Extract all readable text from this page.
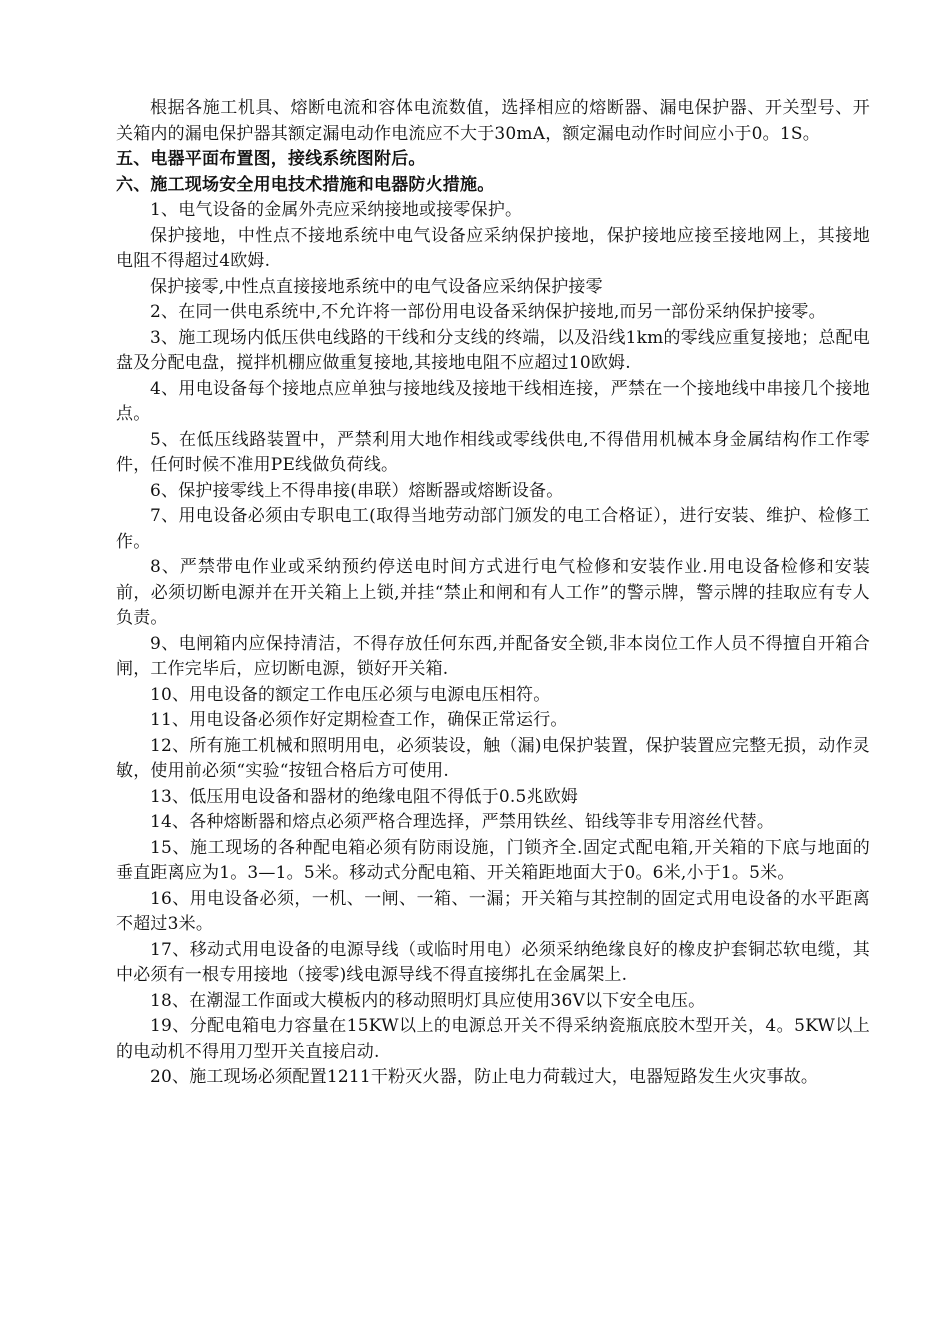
根据各施工机具、熔断电流和容体电流数值，选择相应的熔断器、漏电保护器、开关型号、开关箱内的漏电保护器其额定漏电动作电流应不大于30mA，额定漏电动作时间应小于0。1S。

五、电器平面布置图，接线系统图附后。

六、施工现场安全用电技术措施和电器防火措施。

1、电气设备的金属外壳应采纳接地或接零保护。

保护接地，中性点不接地系统中电气设备应采纳保护接地，保护接地应接至接地网上，其接地电阻不得超过4欧姆.

保护接零,中性点直接接地系统中的电气设备应采纳保护接零

2、在同一供电系统中,不允许将一部份用电设备采纳保护接地,而另一部份采纳保护接零。

3、施工现场内低压供电线路的干线和分支线的终端，以及沿线1km的零线应重复接地；总配电盘及分配电盘，搅拌机棚应做重复接地,其接地电阻不应超过10欧姆.

4、用电设备每个接地点应单独与接地线及接地干线相连接，严禁在一个接地线中串接几个接地点。

5、在低压线路装置中，严禁利用大地作相线或零线供电,不得借用机械本身金属结构作工作零件，任何时候不准用PE线做负荷线。

6、保护接零线上不得串接(串联）熔断器或熔断设备。

7、用电设备必须由专职电工(取得当地劳动部门颁发的电工合格证），进行安装、维护、检修工作。

8、严禁带电作业或采纳预约停送电时间方式进行电气检修和安装作业.用电设备检修和安装前，必须切断电源并在开关箱上上锁,并挂“禁止和闸和有人工作”的警示牌，警示牌的挂取应有专人负责。

9、电闸箱内应保持清洁，不得存放任何东西,并配备安全锁,非本岗位工作人员不得擅自开箱合闸，工作完毕后，应切断电源，锁好开关箱.

10、用电设备的额定工作电压必须与电源电压相符。

11、用电设备必须作好定期检查工作，确保正常运行。

12、所有施工机械和照明用电，必须装设，触（漏)电保护装置，保护装置应完整无损，动作灵敏，使用前必须“实验“按钮合格后方可使用.

13、低压用电设备和器材的绝缘电阻不得低于0.5兆欧姆

14、各种熔断器和熔点必须严格合理选择，严禁用铁丝、铅线等非专用溶丝代替。

15、施工现场的各种配电箱必须有防雨设施，门锁齐全.固定式配电箱,开关箱的下底与地面的垂直距离应为1。3—1。5米。移动式分配电箱、开关箱距地面大于0。6米,小于1。5米。

16、用电设备必须，一机、一闸、一箱、一漏；开关箱与其控制的固定式用电设备的水平距离不超过3米。

17、移动式用电设备的电源导线（或临时用电）必须采纳绝缘良好的橡皮护套铜芯软电缆，其中必须有一根专用接地（接零)线电源导线不得直接绑扎在金属架上.

18、在潮湿工作面或大模板内的移动照明灯具应使用36V以下安全电压。

19、分配电箱电力容量在15KW以上的电源总开关不得采纳瓷瓶底胶木型开关，4。5KW以上的电动机不得用刀型开关直接启动.

20、施工现场必须配置1211干粉灭火器，防止电力荷载过大，电器短路发生火灾事故。
